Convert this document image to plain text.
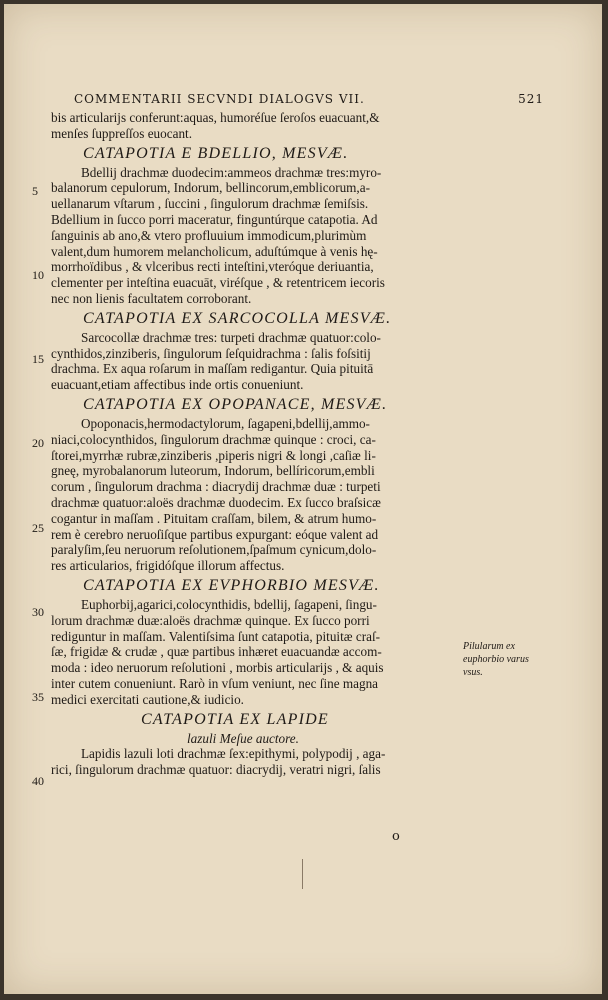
COMMENTARII SECVNDI DIALOGVS VII.	521
5
10
15
20
25
30
35
40
Pilularum ex
euphorbio varus
vsus.
bis articularijs conferunt:aquas, humoréſue ſeroſos euacuant,&
menſes ſuppreſſos euocant.
CATAPOTIA E BDELLIO, MESVÆ.
Bdellij drachmæ duodecim:ammeos drachmæ tres:myro-
balanorum cepulorum, Indorum, bellincorum,emblicorum,a-
uellanarum vſtarum , ſuccini , ſingulorum drachmæ ſemiſsis.
Bdellium in ſucco porri maceratur, finguntúrque catapotia. Ad
ſanguinis ab ano,& vtero profluuium immodicum,plurimùm
valent,dum humorem melancholicum, aduſtúmque à venis hę-
morrhoïdibus , & vlceribus recti inteſtini,vteróque deriuantia,
clementer per inteſtina euacuāt, viréſque , & retentricem iecoris
nec non lienis facultatem corroborant.
CATAPOTIA EX SARCOCOLLA MESVÆ.
Sarcocollæ drachmæ tres: turpeti drachmæ quatuor:colo-
cynthidos,zinziberis, ſingulorum ſeſquidrachma : ſalis foſsitij
drachma. Ex aqua roſarum in maſſam redigantur. Quia pituitā
euacuant,etiam affectibus inde ortis conueniunt.
CATAPOTIA EX OPOPANACE, MESVÆ.
Opoponacis,hermodactylorum, ſagapeni,bdellij,ammo-
niaci,colocynthidos, ſingulorum drachmæ quinque : croci, ca-
ſtorei,myrrhæ rubræ,zinziberis ,piperis nigri & longi ,caſiæ li-
gneę, myrobalanorum luteorum, Indorum, bellíricorum,embli
corum , ſingulorum drachma : diacrydij drachmæ duæ : turpeti
drachmæ quatuor:aloës drachmæ duodecim. Ex ſucco braſsicæ
cogantur in maſſam . Pituitam craſſam, bilem, & atrum humo-
rem è cerebro neruoſiſque partibus expurgant: eóque valent ad
paralyſim,ſeu neruorum reſolutionem,ſpaſmum cynicum,dolo-
res articularios, frigidóſque illorum affectus.
CATAPOTIA EX EVPHORBIO MESVÆ.
Euphorbij,agarici,colocynthidis, bdellij, ſagapeni, ſingu-
lorum drachmæ duæ:aloës drachmæ quinque. Ex ſucco porri
rediguntur in maſſam. Valentiſsima ſunt catapotia, pituitæ craſ-
ſæ, frigidæ & crudæ , quæ partibus inhæret euacuandæ accom-
moda : ideo neruorum reſolutioni , morbis articularijs , & aquis
inter cutem conueniunt. Rarò in vſum veniunt, nec ſine magna
medici exercitati cautione,& iudicio.
CATAPOTIA EX LAPIDE
lazuli Meſue auctore.
Lapidis lazuli loti drachmæ ſex:epithymi, polypodij , aga-
rici, ſingulorum drachmæ quatuor: diacrydij, veratri nigri, ſalis
o
